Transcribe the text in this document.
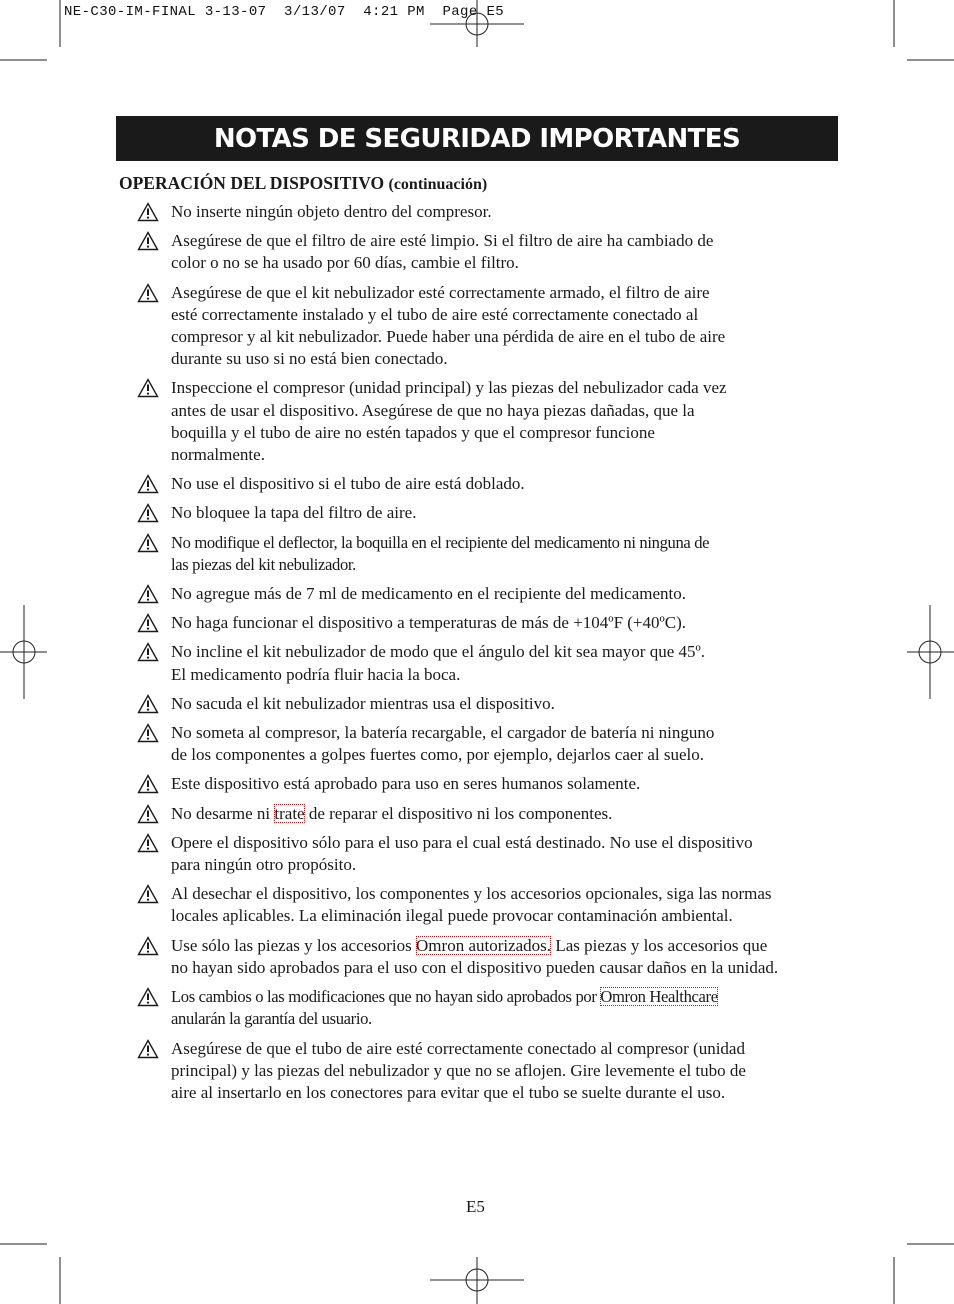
NE-C30-IM-FINAL 3-13-07  3/13/07  4:21 PM  Page E5
NOTAS DE SEGURIDAD IMPORTANTES
OPERACIÓN DEL DISPOSITIVO (continuación)
No inserte ningún objeto dentro del compresor.
Asegúrese de que el filtro de aire esté limpio. Si el filtro de aire ha cambiado de
color o no se ha usado por 60 días, cambie el filtro.
Asegúrese de que el kit nebulizador esté correctamente armado, el filtro de aire
esté correctamente instalado y el tubo de aire esté correctamente conectado al
compresor y al kit nebulizador. Puede haber una pérdida de aire en el tubo de aire
durante su uso si no está bien conectado.
Inspeccione el compresor (unidad principal) y las piezas del nebulizador cada vez
antes de usar el dispositivo. Asegúrese de que no haya piezas dañadas, que la
boquilla y el tubo de aire no estén tapados y que el compresor funcione
normalmente.
No use el dispositivo si el tubo de aire está doblado.
No bloquee la tapa del filtro de aire.
No modifique el deflector, la boquilla en el recipiente del medicamento ni ninguna de
las piezas del kit nebulizador.
No agregue más de 7 ml de medicamento en el recipiente del medicamento.
No haga funcionar el dispositivo a temperaturas de más de +104ºF (+40ºC).
No incline el kit nebulizador de modo que el ángulo del kit sea mayor que 45º.
El medicamento podría fluir hacia la boca.
No sacuda el kit nebulizador mientras usa el dispositivo.
No someta al compresor, la batería recargable, el cargador de batería ni ninguno
de los componentes a golpes fuertes como, por ejemplo, dejarlos caer al suelo.
Este dispositivo está aprobado para uso en seres humanos solamente.
No desarme ni trate de reparar el dispositivo ni los componentes.
Opere el dispositivo sólo para el uso para el cual está destinado. No use el dispositivo
para ningún otro propósito.
Al desechar el dispositivo, los componentes y los accesorios opcionales, siga las normas
locales aplicables. La eliminación ilegal puede provocar contaminación ambiental.
Use sólo las piezas y los accesorios Omron autorizados. Las piezas y los accesorios que
no hayan sido aprobados para el uso con el dispositivo pueden causar daños en la unidad.
Los cambios o las modificaciones que no hayan sido aprobados por Omron Healthcare
anularán la garantía del usuario.
Asegúrese de que el tubo de aire esté correctamente conectado al compresor (unidad
principal) y las piezas del nebulizador y que no se aflojen. Gire levemente el tubo de
aire al insertarlo en los conectores para evitar que el tubo se suelte durante el uso.
E5
